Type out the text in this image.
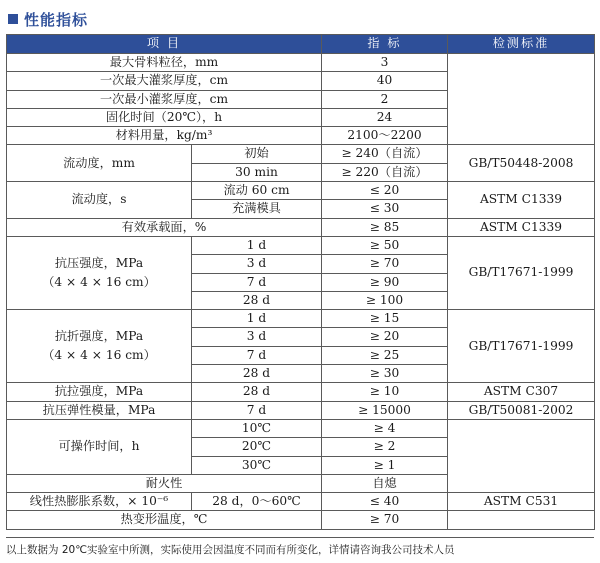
性能指标
项 目		指 标	检测标准
最大骨料粒径，mm		3	
一次最大灌浆厚度，cm		40	
一次最小灌浆厚度，cm		2	
固化时间（20℃），h		24	
材料用量，kg/m³		2100～2200	
流动度，mm	初始	≥ 240（自流）	GB/T50448-2008
	30 min	≥ 220（自流）	
流动度，s	流动 60 cm	≤ 20	ASTM C1339
	充满模具	≤ 30	
有效承载面，%		≥ 85	ASTM C1339
抗压强度，MPa
（4 × 4 × 16 cm）	1 d	≥ 50	GB/T17671-1999
	3 d	≥ 70	
	7 d	≥ 90	
	28 d	≥ 100	
抗折强度，MPa
（4 × 4 × 16 cm）	1 d	≥ 15	GB/T17671-1999
	3 d	≥ 20	
	7 d	≥ 25	
	28 d	≥ 30	
抗拉强度，MPa	28 d	≥ 10	ASTM C307
抗压弹性模量，MPa	7 d	≥ 15000	GB/T50081-2002
可操作时间，h	10℃	≥ 4	
	20℃	≥ 2	
	30℃	≥ 1	
耐火性		自熄	
线性热膨胀系数，× 10⁻⁶	28 d，0～60℃	≤ 40	ASTM C531
热变形温度，℃		≥ 70	
以上数据为 20℃实验室中所测，实际使用会因温度不同而有所变化，详情请咨询我公司技术人员
